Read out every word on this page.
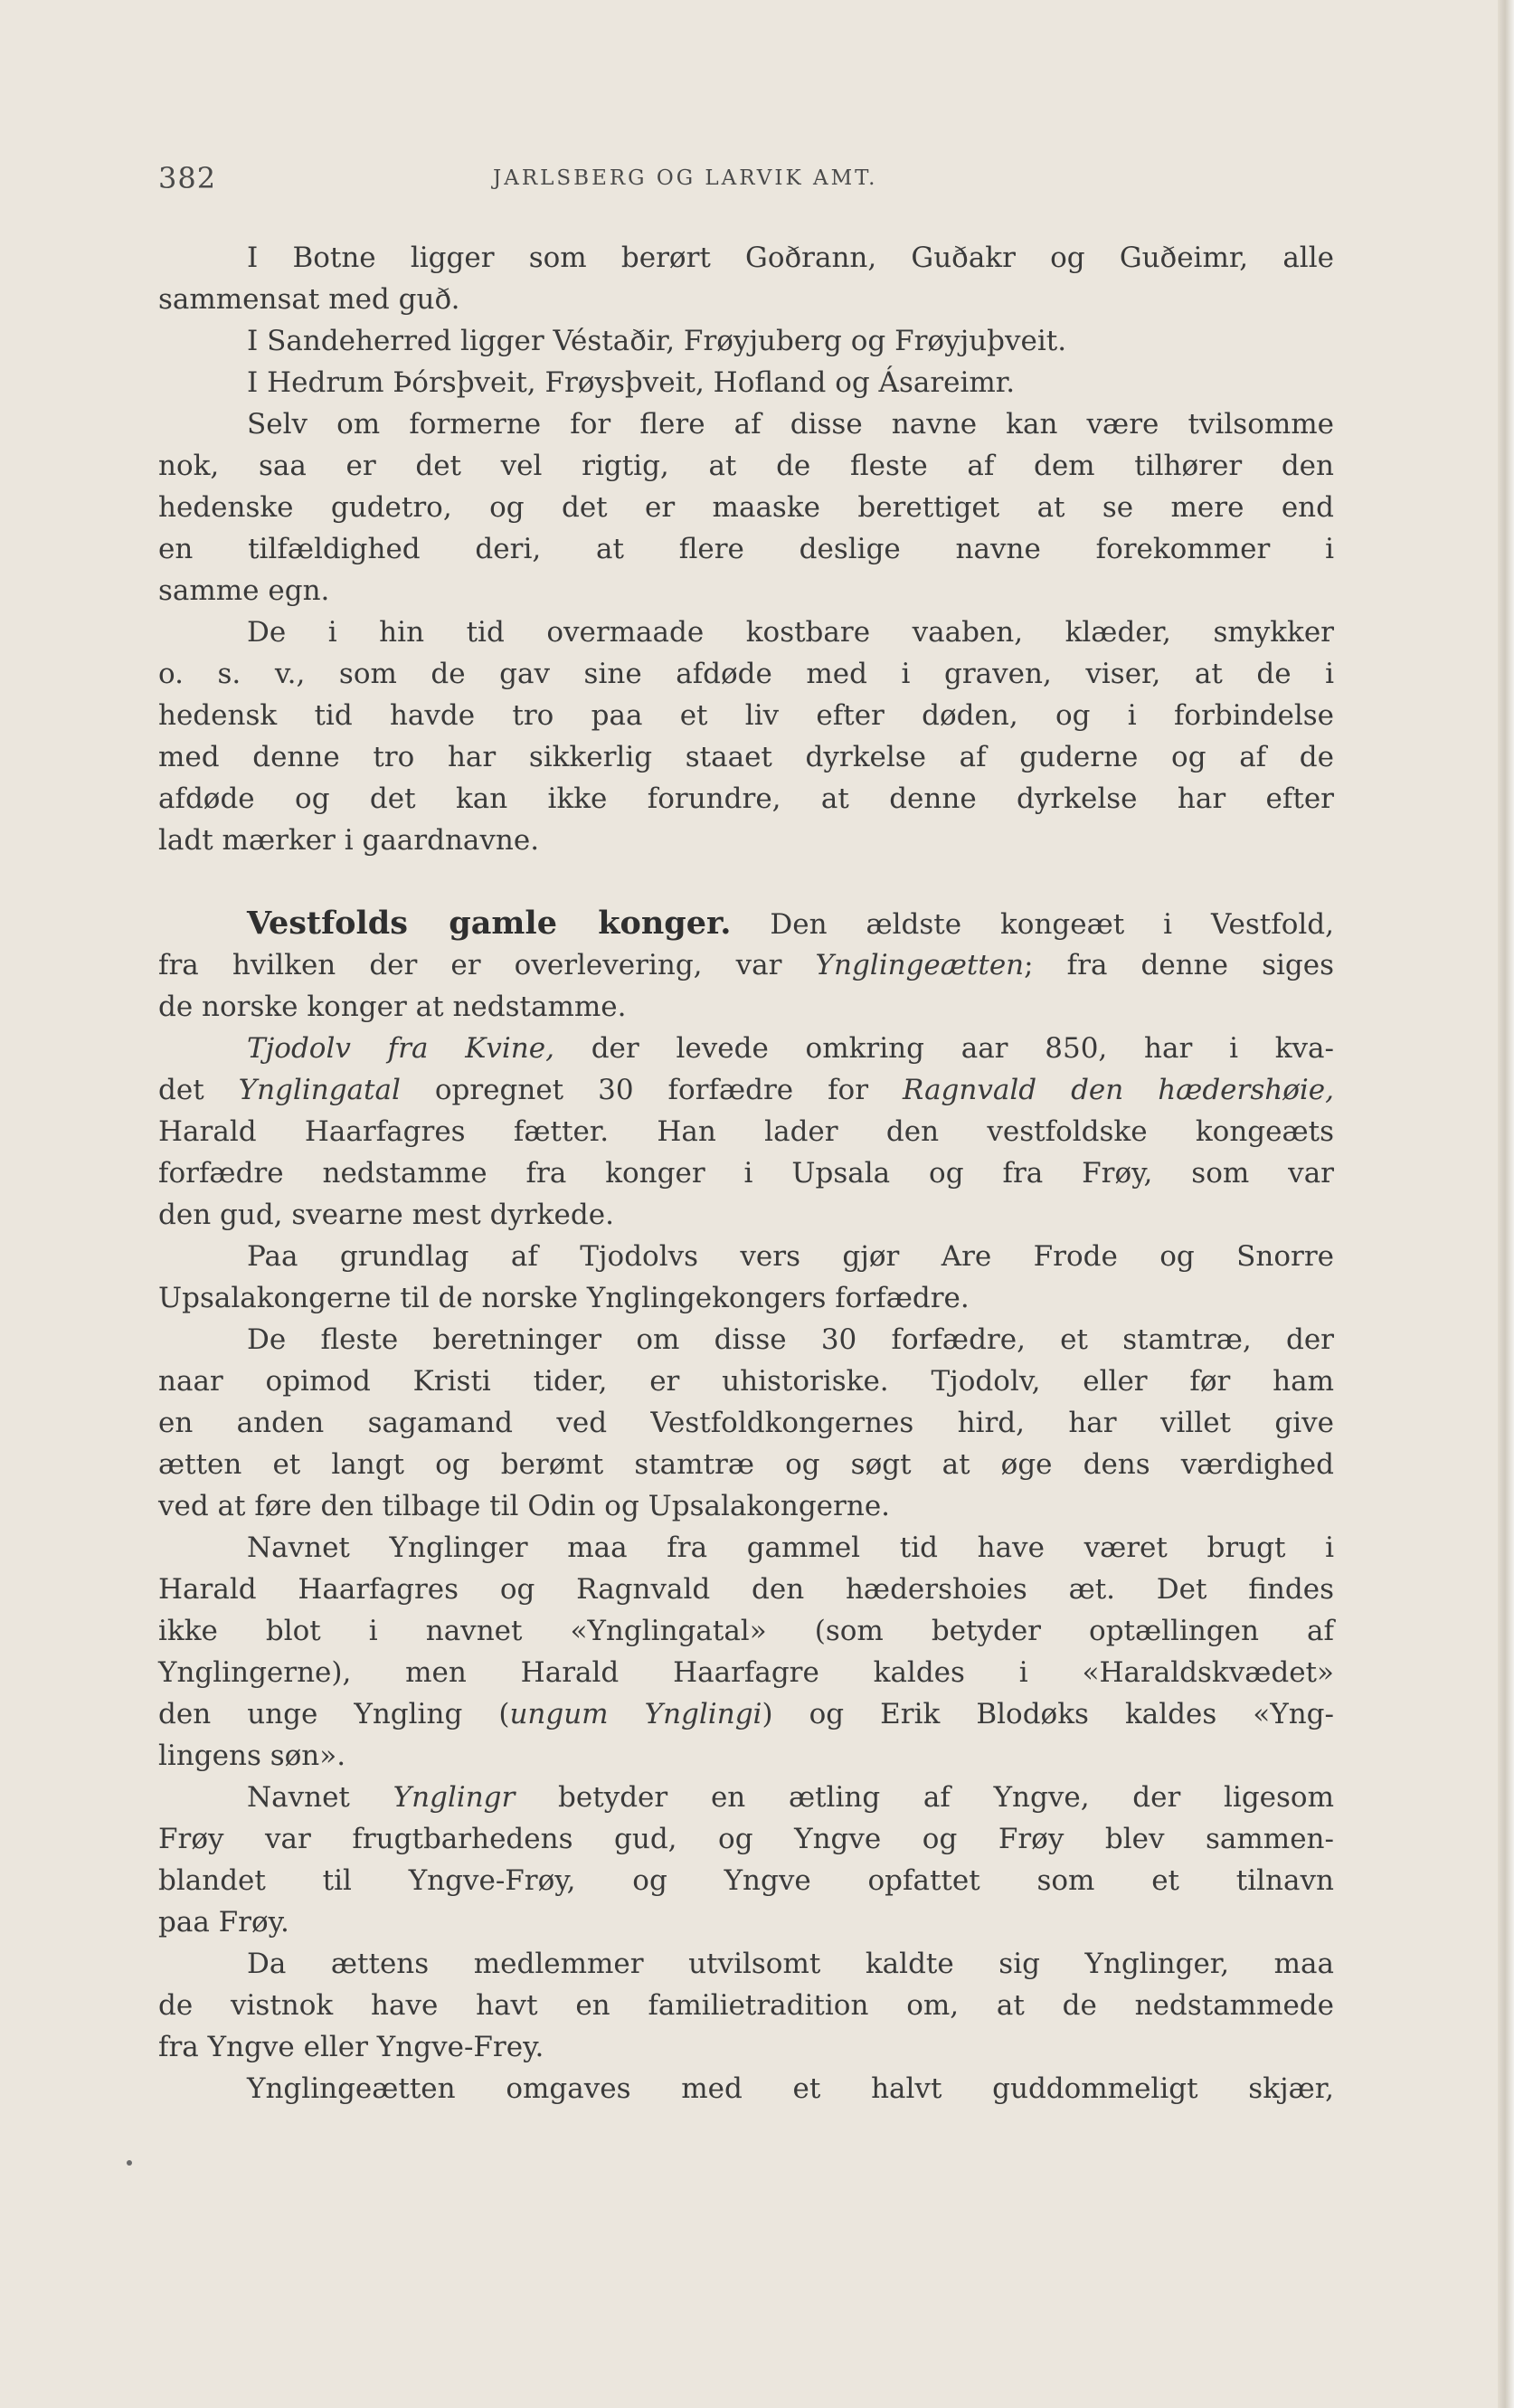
382	JARLSBERG OG LARVIK AMT.
I Botne ligger som berørt Goðrann, Guðakr og Guðeimr, alle
sammensat med guð.
I Sandeherred ligger Véstaðir, Frøyjuberg og Frøyjuþveit.
I Hedrum Þórsþveit, Frøysþveit, Hofland og Ásareimr.
Selv om formerne for flere af disse navne kan være tvilsomme
nok, saa er det vel rigtig, at de fleste af dem tilhører den
hedenske gudetro, og det er maaske berettiget at se mere end
en tilfældighed deri, at flere deslige navne forekommer i
samme egn.
De i hin tid overmaade kostbare vaaben, klæder, smykker
o. s. v., som de gav sine afdøde med i graven, viser, at de i
hedensk tid havde tro paa et liv efter døden, og i forbindelse
med denne tro har sikkerlig staaet dyrkelse af guderne og af de
afdøde og det kan ikke forundre, at denne dyrkelse har efter
ladt mærker i gaardnavne.
Vestfolds gamle konger. Den ældste kongeæt i Vestfold,
fra hvilken der er overlevering, var Ynglingeætten; fra denne siges
de norske konger at nedstamme.
Tjodolv fra Kvine, der levede omkring aar 850, har i kva-
det Ynglingatal opregnet 30 forfædre for Ragnvald den hædershøie,
Harald Haarfagres fætter. Han lader den vestfoldske kongeæts
forfædre nedstamme fra konger i Upsala og fra Frøy, som var
den gud, svearne mest dyrkede.
Paa grundlag af Tjodolvs vers gjør Are Frode og Snorre
Upsalakongerne til de norske Ynglingekongers forfædre.
De fleste beretninger om disse 30 forfædre, et stamtræ, der
naar opimod Kristi tider, er uhistoriske. Tjodolv, eller før ham
en anden sagamand ved Vestfoldkongernes hird, har villet give
ætten et langt og berømt stamtræ og søgt at øge dens værdighed
ved at føre den tilbage til Odin og Upsalakongerne.
Navnet Ynglinger maa fra gammel tid have været brugt i
Harald Haarfagres og Ragnvald den hædershoies æt. Det findes
ikke blot i navnet «Ynglingatal» (som betyder optællingen af
Ynglingerne), men Harald Haarfagre kaldes i «Haraldskvædet»
den unge Yngling (ungum Ynglingi) og Erik Blodøks kaldes «Yng-
lingens søn».
Navnet Ynglingr betyder en ætling af Yngve, der ligesom
Frøy var frugtbarhedens gud, og Yngve og Frøy blev sammen-
blandet til Yngve-Frøy, og Yngve opfattet som et tilnavn
paa Frøy.
Da ættens medlemmer utvilsomt kaldte sig Ynglinger, maa
de vistnok have havt en familietradition om, at de nedstammede
fra Yngve eller Yngve-Frey.
Ynglingeætten omgaves med et halvt guddommeligt skjær,
